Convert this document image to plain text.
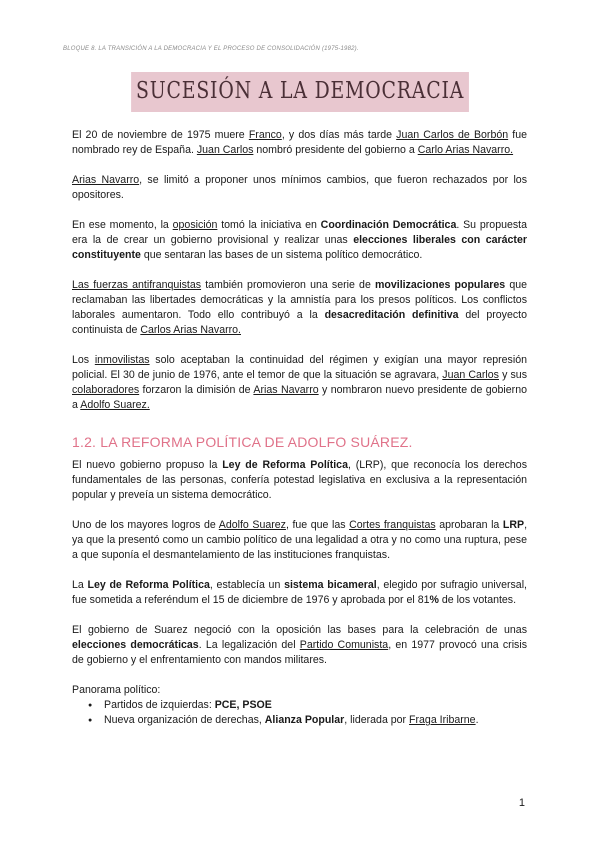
BLOQUE 8. LA TRANSICIÓN A LA DEMOCRACIA Y EL PROCESO DE CONSOLIDACIÓN (1975-1982).
SUCESIÓN A LA DEMOCRACIA

El 20 de noviembre de 1975 muere Franco, y dos días más tarde Juan Carlos de Borbón fue nombrado rey de España. Juan Carlos nombró presidente del gobierno a Carlo Arias Navarro.

Arias Navarro, se limitó a proponer unos mínimos cambios, que fueron rechazados por los opositores.

En ese momento, la oposición tomó la iniciativa en Coordinación Democrática. Su propuesta era la de crear un gobierno provisional y realizar unas elecciones liberales con carácter constituyente que sentaran las bases de un sistema político democrático.

Las fuerzas antifranquistas también promovieron una serie de movilizaciones populares que reclamaban las libertades democráticas y la amnistía para los presos políticos. Los conflictos laborales aumentaron. Todo ello contribuyó a la desacreditación definitiva del proyecto continuista de Carlos Arias Navarro.

Los inmovilistas solo aceptaban la continuidad del régimen y exigían una mayor represión policial. El 30 de junio de 1976, ante el temor de que la situación se agravara, Juan Carlos y sus colaboradores forzaron la dimisión de Arias Navarro y nombraron nuevo presidente de gobierno a Adolfo Suarez.

1.2. LA REFORMA POLÍTICA DE ADOLFO SUÁREZ.

El nuevo gobierno propuso la Ley de Reforma Política, (LRP), que reconocía los derechos fundamentales de las personas, confería potestad legislativa en exclusiva a la representación popular y preveía un sistema democrático.

Uno de los mayores logros de Adolfo Suarez, fue que las Cortes franquistas aprobaran la LRP, ya que la presentó como un cambio político de una legalidad a otra y no como una ruptura, pese a que suponía el desmantelamiento de las instituciones franquistas.

La Ley de Reforma Política, establecía un sistema bicameral, elegido por sufragio universal, fue sometida a referéndum el 15 de diciembre de 1976 y aprobada por el 81% de los votantes.

El gobierno de Suarez negoció con la oposición las bases para la celebración de unas elecciones democráticas. La legalización del Partido Comunista, en 1977 provocó una crisis de gobierno y el enfrentamiento con mandos militares.

Panorama político:
● Partidos de izquierdas: PCE, PSOE
● Nueva organización de derechas, Alianza Popular, liderada por Fraga Iribarne.
1
